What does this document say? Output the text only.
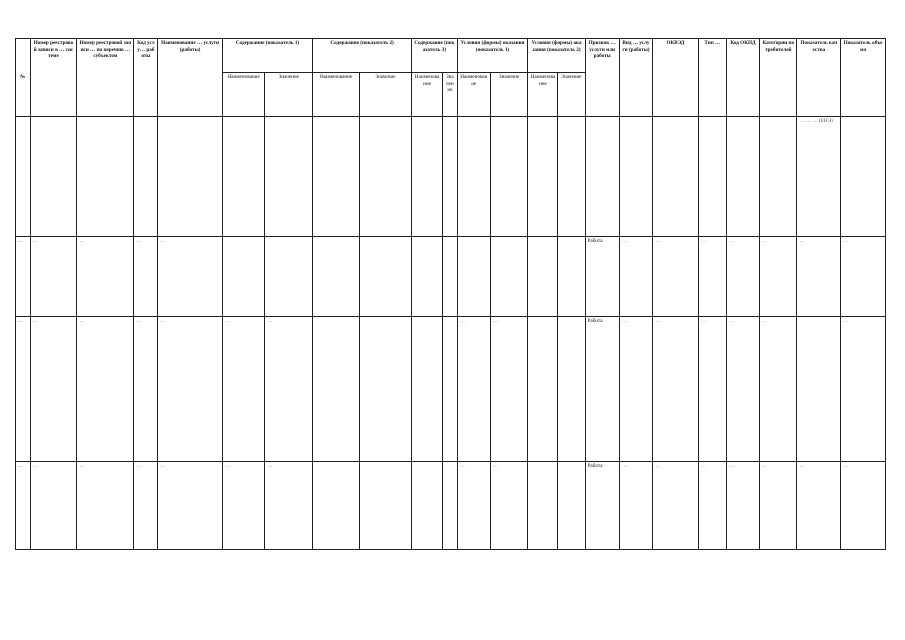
№	Номер реестровой записи в … системе	Номер реестровой записи … по перечню … субъектом	Код услу… работы	Наименование … услуги (работы)	Содержание (показатель 1)		Содержание (показатель 2)		Содержание (показатель 3)		Условия (формы) оказания (показатель 1)		Условия (формы) оказания (показатель 2)		Признак … услуги или работы	Вид … услуги (работы)	ОКВЭД	Тип …	Код ОКПД	Категории потребителей	Показатель качества	Показатель объема
					Наименование	Значение	Наименование	Значение	Наименование	Значение	Наименование	Значение	Наименование	Значение								
																					… … … (ЕНЭ)	
…	…	…	…	…											Работа	…	…	…	…	…	…	…
…	…	…	…	…	…	…					…	…			Работа	…	…	…	…	…		…
…	…	…	…	…	…	…					…	…			Работа	…	…	…	…	…	…	…
